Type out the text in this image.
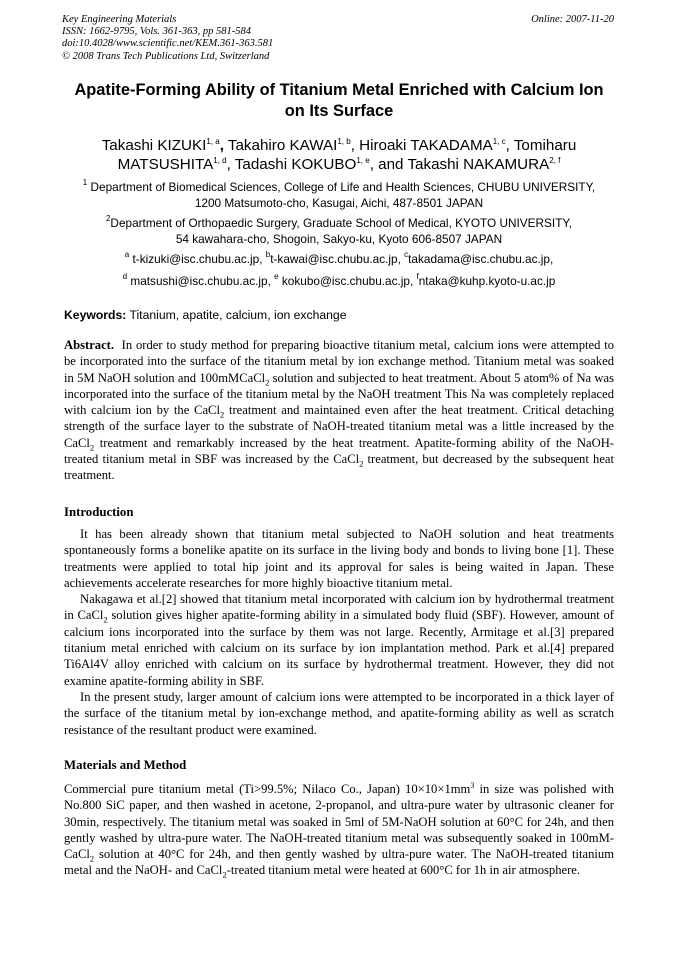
Key Engineering Materials
ISSN: 1662-9795, Vols. 361-363, pp 581-584
doi:10.4028/www.scientific.net/KEM.361-363.581
© 2008 Trans Tech Publications Ltd, Switzerland
Online: 2007-11-20
Apatite-Forming Ability of Titanium Metal Enriched with Calcium Ion
on Its Surface
Takashi KIZUKI$^{1, a}$, Takahiro KAWAI$^{1, b}$, Hiroaki TAKADAMA$^{1, c}$, Tomiharu
MATSUSHITA$^{1, d}$, Tadashi KOKUBO$^{1, e}$, and Takashi NAKAMURA$^{2, f}$
$^1$ Department of Biomedical Sciences, College of Life and Health Sciences, CHUBU UNIVERSITY,
1200 Matsumoto-cho, Kasugai, Aichi, 487-8501 JAPAN
$^2$Department of Orthopaedic Surgery, Graduate School of Medical, KYOTO UNIVERSITY,
54 kawahara-cho, Shogoin, Sakyo-ku, Kyoto 606-8507 JAPAN
$^a$ t-kizuki@isc.chubu.ac.jp, $^b$t-kawai@isc.chubu.ac.jp, $^c$takadama@isc.chubu.ac.jp,
$^d$ matsushi@isc.chubu.ac.jp, $^e$ kokubo@isc.chubu.ac.jp, $^f$ntaka@kuhp.kyoto-u.ac.jp
Keywords: Titanium, apatite, calcium, ion exchange

Abstract. In order to study method for preparing bioactive titanium metal, calcium ions were attempted to be incorporated into the surface of the titanium metal by ion exchange method. Titanium metal was soaked in 5M NaOH solution and 100mMCaCl$_2$ solution and subjected to heat treatment. About 5 atom% of Na was incorporated into the surface of the titanium metal by the NaOH treatment This Na was completely replaced with calcium ion by the CaCl$_2$ treatment and maintained even after the heat treatment. Critical detaching strength of the surface layer to the substrate of NaOH-treated titanium metal was a little increased by the CaCl$_2$ treatment and remarkably increased by the heat treatment. Apatite-forming ability of the NaOH-treated titanium metal in SBF was increased by the CaCl$_2$ treatment, but decreased by the subsequent heat treatment.

Introduction

It has been already shown that titanium metal subjected to NaOH solution and heat treatments spontaneously forms a bonelike apatite on its surface in the living body and bonds to living bone [1]. These treatments were applied to total hip joint and its approval for sales is being waited in Japan. These achievements accelerate researches for more highly bioactive titanium metal.

Nakagawa et al.[2] showed that titanium metal incorporated with calcium ion by hydrothermal treatment in CaCl$_2$ solution gives higher apatite-forming ability in a simulated body fluid (SBF). However, amount of calcium ions incorporated into the surface by them was not large. Recently, Armitage et al.[3] prepared titanium metal enriched with calcium on its surface by ion implantation method. Park et al.[4] prepared Ti6Al4V alloy enriched with calcium on its surface by hydrothermal treatment. However, they did not examine apatite-forming ability in SBF.

In the present study, larger amount of calcium ions were attempted to be incorporated in a thick layer of the surface of the titanium metal by ion-exchange method, and apatite-forming ability as well as scratch resistance of the resultant product were examined.

Materials and Method

Commercial pure titanium metal (Ti>99.5%; Nilaco Co., Japan) $10\times 10\times 1mm^3$ in size was polished with No.800 SiC paper, and then washed in acetone, 2-propanol, and ultra-pure water by ultrasonic cleaner for 30min, respectively. The titanium metal was soaked in 5ml of 5M-NaOH solution at 60°C for 24h, and then gently washed by ultra-pure water. The NaOH-treated titanium metal was subsequently soaked in 100mM-CaCl$_2$ solution at 40°C for 24h, and then gently washed by ultra-pure water. The NaOH-treated titanium metal and the NaOH- and CaCl$_2$-treated titanium metal were heated at 600°C for 1h in air atmosphere.
